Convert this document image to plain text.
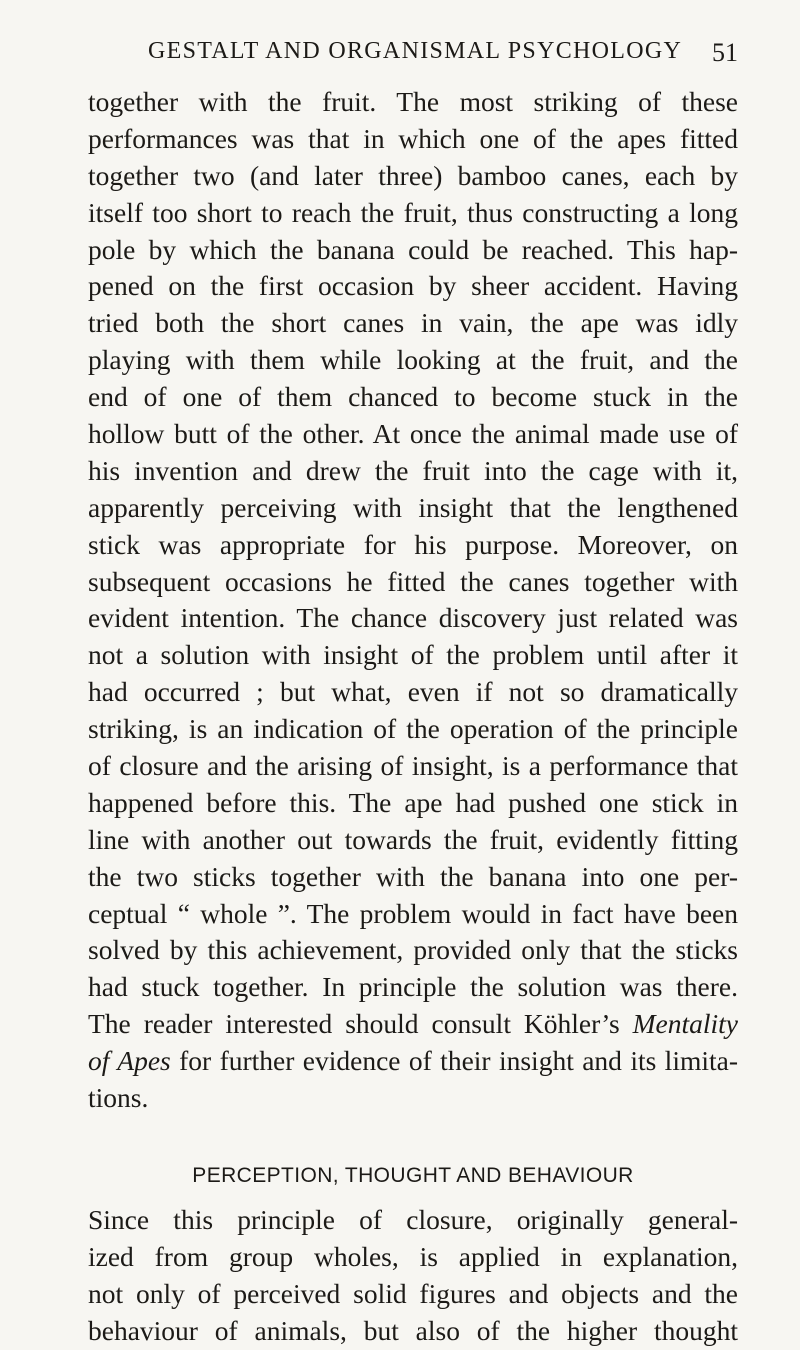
GESTALT AND ORGANISMAL PSYCHOLOGY 51
together with the fruit. The most striking of these
performances was that in which one of the apes fitted
together two (and later three) bamboo canes, each by
itself too short to reach the fruit, thus constructing a long
pole by which the banana could be reached. This hap-
pened on the first occasion by sheer accident. Having
tried both the short canes in vain, the ape was idly
playing with them while looking at the fruit, and the
end of one of them chanced to become stuck in the
hollow butt of the other. At once the animal made use of
his invention and drew the fruit into the cage with it,
apparently perceiving with insight that the lengthened
stick was appropriate for his purpose. Moreover, on
subsequent occasions he fitted the canes together with
evident intention. The chance discovery just related was
not a solution with insight of the problem until after it
had occurred ; but what, even if not so dramatically
striking, is an indication of the operation of the principle
of closure and the arising of insight, is a performance that
happened before this. The ape had pushed one stick in
line with another out towards the fruit, evidently fitting
the two sticks together with the banana into one per-
ceptual “ whole ”. The problem would in fact have been
solved by this achievement, provided only that the sticks
had stuck together. In principle the solution was there.
The reader interested should consult Köhler’s Mentality
of Apes for further evidence of their insight and its limita-
tions.
PERCEPTION, THOUGHT AND BEHAVIOUR
Since this principle of closure, originally general-
ized from group wholes, is applied in explanation,
not only of perceived solid figures and objects and the
behaviour of animals, but also of the higher thought
